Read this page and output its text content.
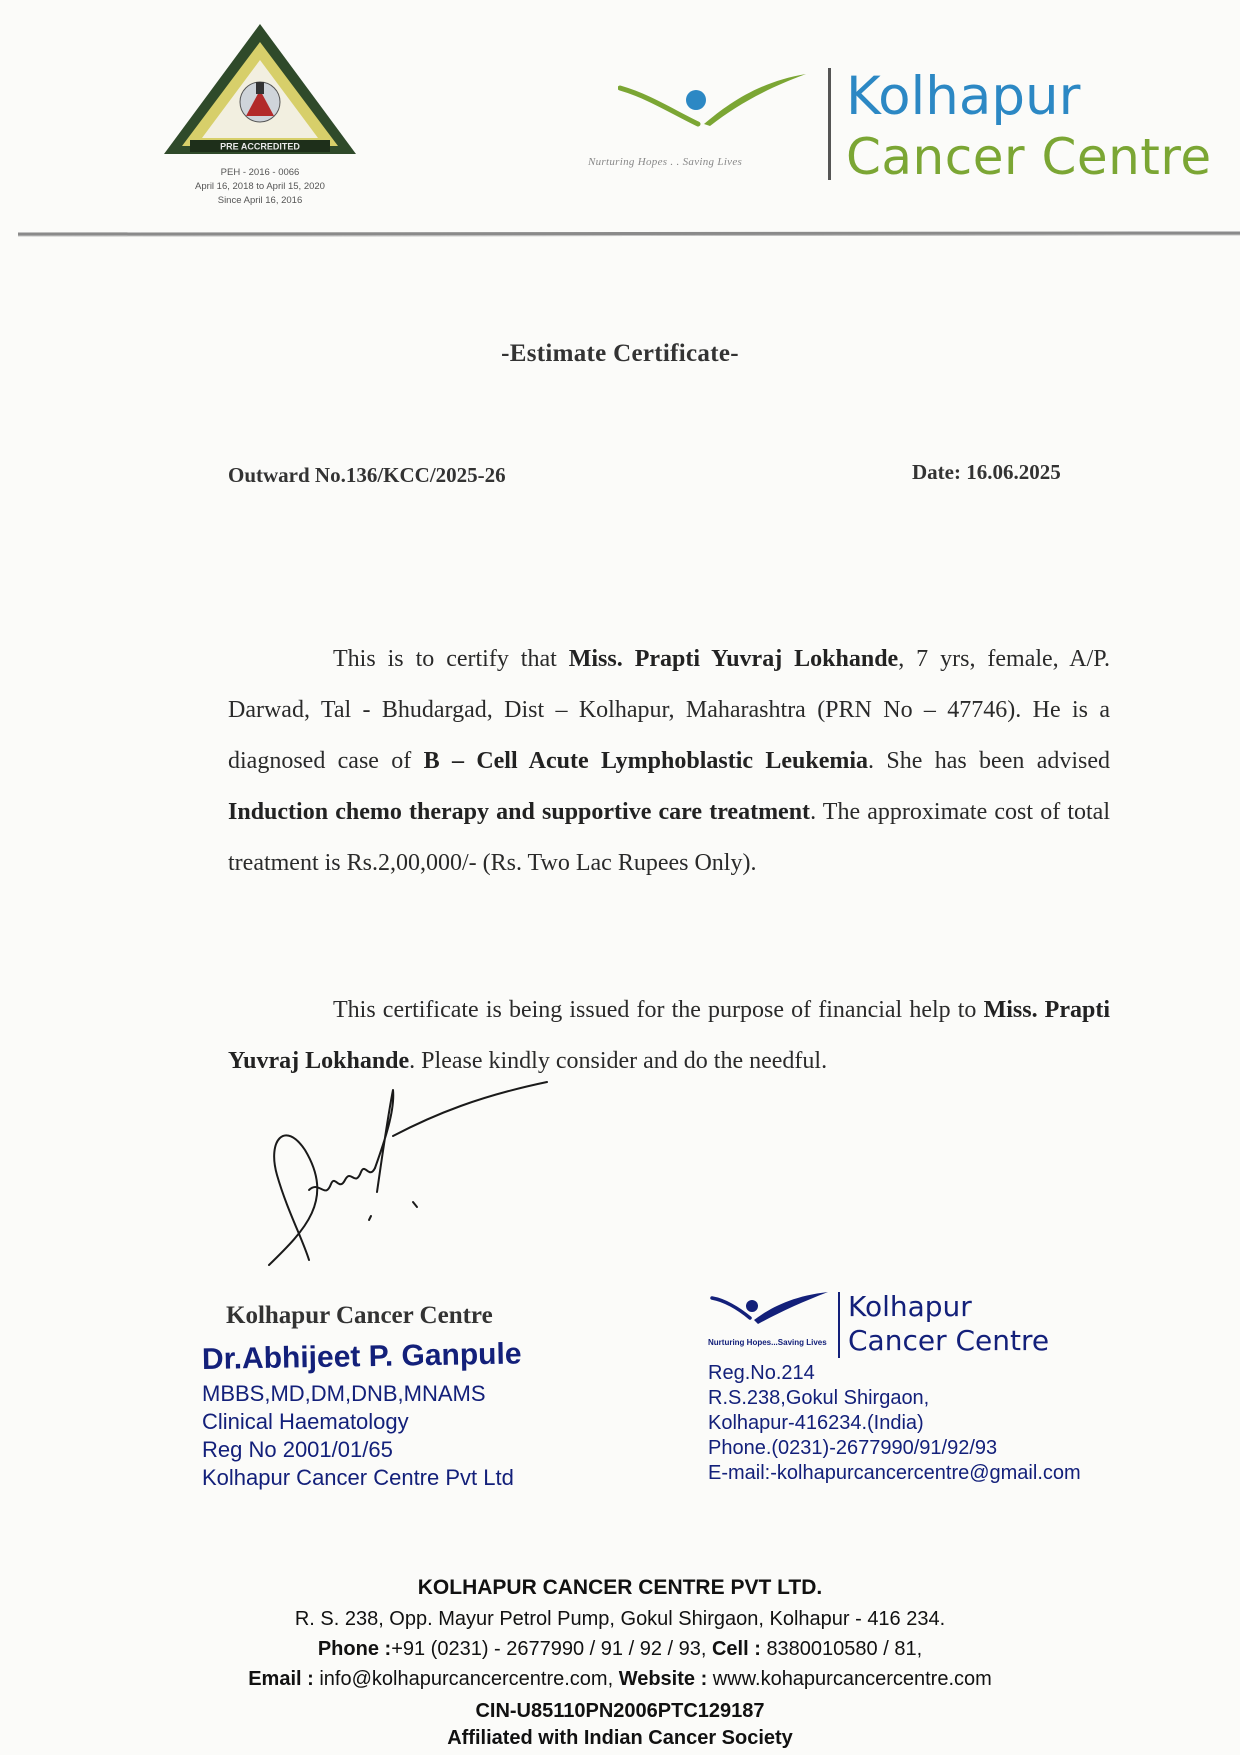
PRE ACCREDITED
PEH - 2016 - 0066
April 16, 2018 to April 15, 2020
Since April 16, 2016
Nurturing Hopes . . Saving Lives
Kolhapur
Cancer Centre
-Estimate Certificate-
Outward No.136/KCC/2025-26	Date: 16.06.2025
This is to certify that Miss. Prapti Yuvraj Lokhande, 7 yrs, female, A/P. Darwad, Tal - Bhudargad, Dist – Kolhapur, Maharashtra (PRN No – 47746). He is a diagnosed case of B – Cell Acute Lymphoblastic Leukemia. She has been advised Induction chemo therapy and supportive care treatment. The approximate cost of total treatment is Rs.2,00,000/- (Rs. Two Lac Rupees Only).
This certificate is being issued for the purpose of financial help to Miss. Prapti Yuvraj Lokhande. Please kindly consider and do the needful.
Kolhapur Cancer Centre
Dr.Abhijeet P. Ganpule
MBBS,MD,DM,DNB,MNAMS
Clinical Haematology
Reg No 2001/01/65
Kolhapur Cancer Centre Pvt Ltd
Nurturing Hopes...Saving Lives
Kolhapur
Cancer Centre
Reg.No.214
R.S.238,Gokul Shirgaon,
Kolhapur-416234.(India)
Phone.(0231)-2677990/91/92/93
E-mail:-kolhapurcancercentre@gmail.com
KOLHAPUR CANCER CENTRE PVT LTD.
R. S. 238, Opp. Mayur Petrol Pump, Gokul Shirgaon, Kolhapur - 416 234.
Phone :+91 (0231) - 2677990 / 91 / 92 / 93, Cell : 8380010580 / 81,
Email : info@kolhapurcancercentre.com, Website : www.kohapurcancercentre.com
CIN-U85110PN2006PTC129187
Affiliated with Indian Cancer Society
